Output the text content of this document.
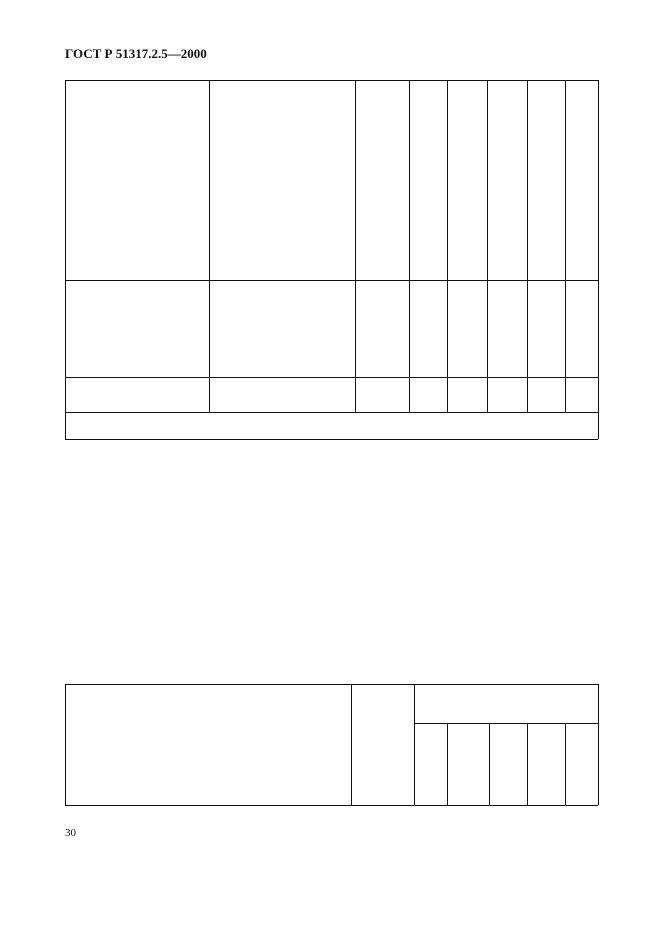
ГОСТ Р 51317.2.5—2000
30
